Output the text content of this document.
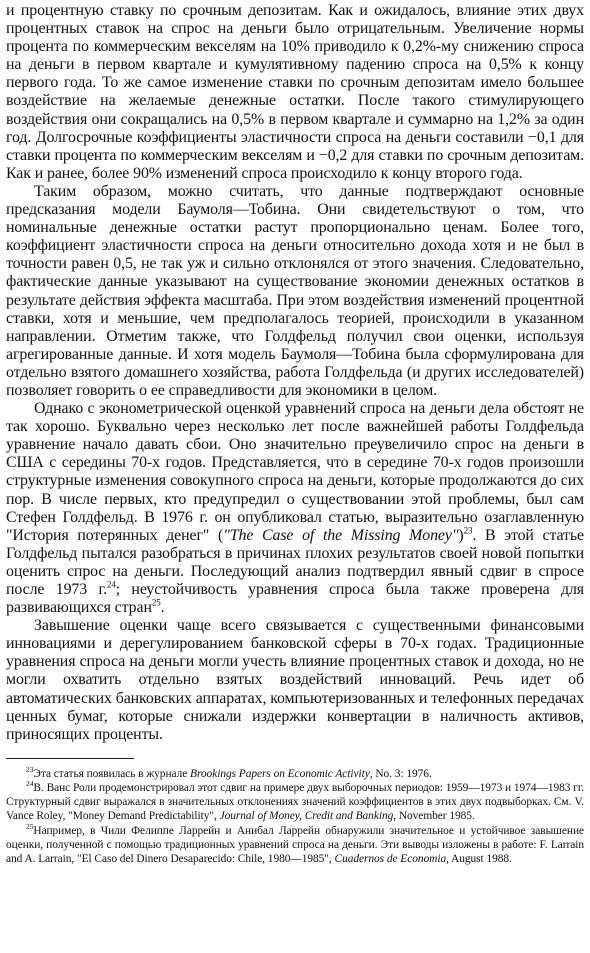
и процентную ставку по срочным депозитам. Как и ожидалось, влияние этих двух процентных ставок на спрос на деньги было отрицательным. Увеличение нормы процента по коммерческим векселям на 10% приводило к 0,2%-му снижению спроса на деньги в первом квартале и кумулятивному падению спроса на 0,5% к концу первого года. То же самое изменение ставки по срочным депозитам имело большее воздействие на желаемые денежные остатки. После такого стимулирующего воздействия они сокращались на 0,5% в первом квартале и суммарно на 1,2% за один год. Долгосрочные коэффициенты эластичности спроса на деньги составили −0,1 для ставки процента по коммерческим векселям и −0,2 для ставки по срочным депозитам. Как и ранее, более 90% изменений спроса происходило к концу второго года.

Таким образом, можно считать, что данные подтверждают основные предсказания модели Баумоля—Тобина. Они свидетельствуют о том, что номинальные денежные остатки растут пропорционально ценам. Более того, коэффициент эластичности спроса на деньги относительно дохода хотя и не был в точности равен 0,5, не так уж и сильно отклонялся от этого значения. Следовательно, фактические данные указывают на существование экономии денежных остатков в результате действия эффекта масштаба. При этом воздействия изменений процентной ставки, хотя и меньшие, чем предполагалось теорией, происходили в указанном направлении. Отметим также, что Голдфельд получил свои оценки, используя агрегированные данные. И хотя модель Баумоля—Тобина была сформулирована для отдельно взятого домашнего хозяйства, работа Голдфельда (и других исследователей) позволяет говорить о ее справедливости для экономики в целом.

Однако с эконометрической оценкой уравнений спроса на деньги дела обстоят не так хорошо. Буквально через несколько лет после важнейшей работы Голдфельда уравнение начало давать сбои. Оно значительно преувеличило спрос на деньги в США с середины 70-х годов. Представляется, что в середине 70-х годов произошли структурные изменения совокупного спроса на деньги, которые продолжаются до сих пор. В числе первых, кто предупредил о существовании этой проблемы, был сам Стефен Голдфельд. В 1976 г. он опубликовал статью, выразительно озаглавленную "История потерянных денег" ("The Case of the Missing Money")$^{23}$. В этой статье Голдфельд пытался разобраться в причинах плохих результатов своей новой попытки оценить спрос на деньги. Последующий анализ подтвердил явный сдвиг в спросе после 1973 г.$^{24}$; неустойчивость уравнения спроса была также проверена для развивающихся стран$^{25}$.

Завышение оценки чаще всего связывается с существенными финансовыми инновациями и дерегулированием банковской сферы в 70-х годах. Традиционные уравнения спроса на деньги могли учесть влияние процентных ставок и дохода, но не могли охватить отдельно взятых воздействий инноваций. Речь идет об автоматических банковских аппаратах, компьютеризованных и телефонных передачах ценных бумаг, которые снижали издержки конвертации в наличность активов, приносящих проценты.

$^{23}$Эта статья появилась в журнале Brookings Papers on Economic Activity, No. 3: 1976.

$^{24}$В. Ванс Роли продемонстрировал этот сдвиг на примере двух выборочных периодов: 1959—1973 и 1974—1983 гг. Структурный сдвиг выражался в значительных отклонениях значений коэффициентов в этих двух подвыборках. См. V. Vance Roley, "Money Demand Predictability", Journal of Money, Credit and Banking, November 1985.

$^{25}$Например, в Чили Фелиппе Ларрейн и Анибал Ларрейн обнаружили значительное и устойчивое завышение оценки, полученной с помощью традиционных уравнений спроса на деньги. Эти выводы изложены в работе: F. Larrain and A. Larrain, "El Caso del Dinero Desaparecido: Chile, 1980—1985", Cuadernos de Economia, August 1988.
